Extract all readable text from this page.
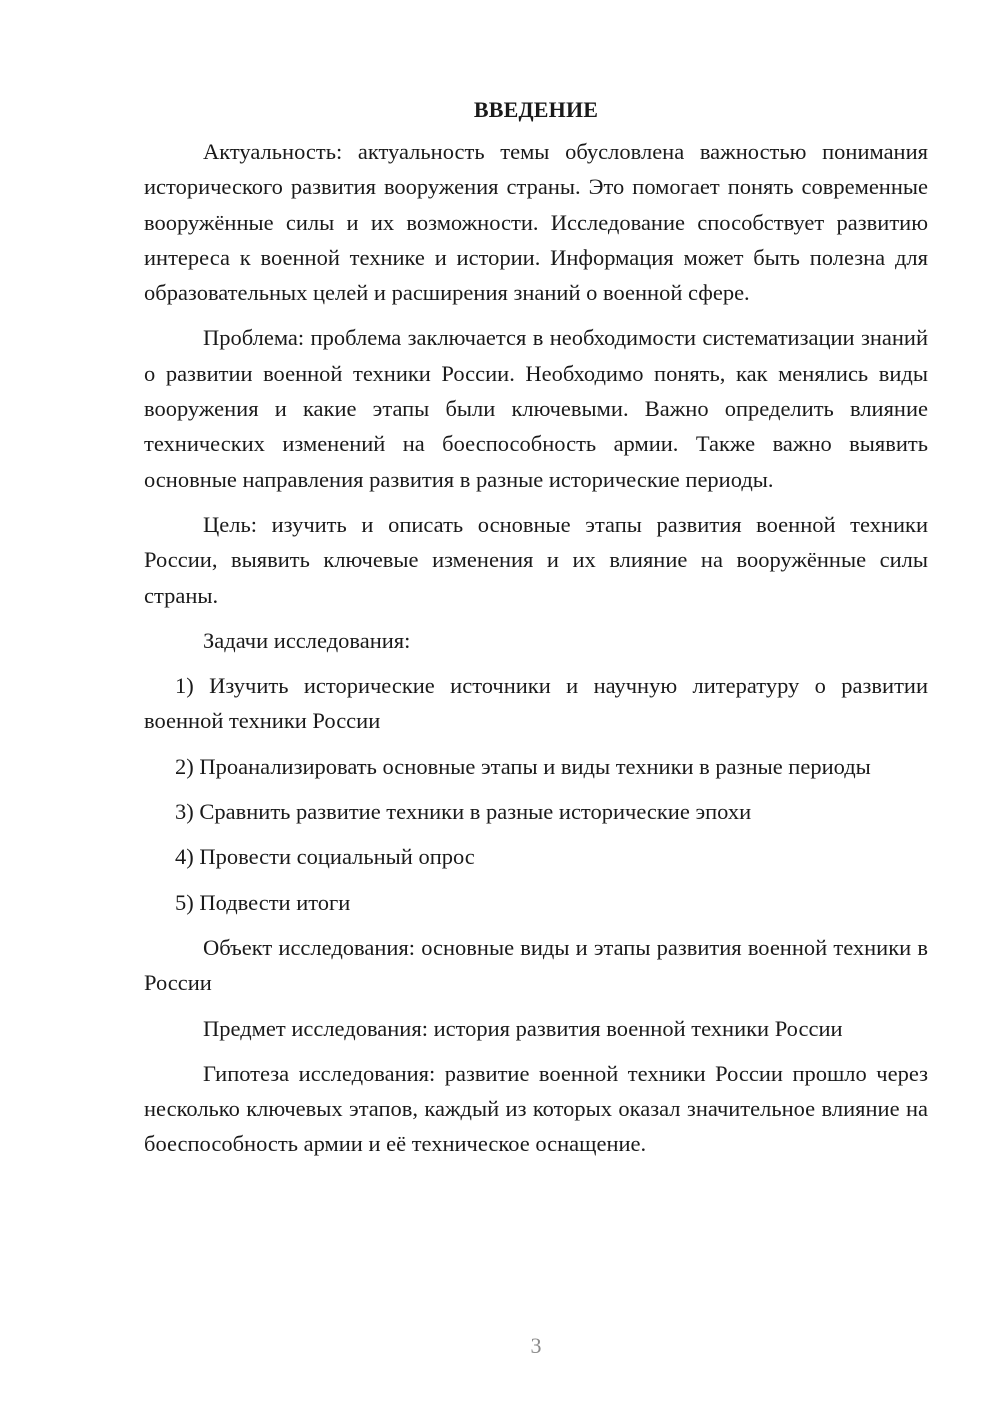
ВВЕДЕНИЕ

Актуальность: актуальность темы обусловлена важностью понимания исторического развития вооружения страны. Это помогает понять современные вооружённые силы и их возможности. Исследование способствует развитию интереса к военной технике и истории. Информация может быть полезна для образовательных целей и расширения знаний о военной сфере.

Проблема: проблема заключается в необходимости систематизации знаний о развитии военной техники России. Необходимо понять, как менялись виды вооружения и какие этапы были ключевыми. Важно определить влияние технических изменений на боеспособность армии. Также важно выявить основные направления развития в разные исторические периоды.

Цель: изучить и описать основные этапы развития военной техники России, выявить ключевые изменения и их влияние на вооружённые силы страны.

Задачи исследования:

1) Изучить исторические источники и научную литературу о развитии военной техники России

2) Проанализировать основные этапы и виды техники в разные периоды

3) Сравнить развитие техники в разные исторические эпохи

4) Провести социальный опрос

5) Подвести итоги

Объект исследования: основные виды и этапы развития военной техники в России

Предмет исследования: история развития военной техники России

Гипотеза исследования: развитие военной техники России прошло через несколько ключевых этапов, каждый из которых оказал значительное влияние на боеспособность армии и её техническое оснащение.

3
